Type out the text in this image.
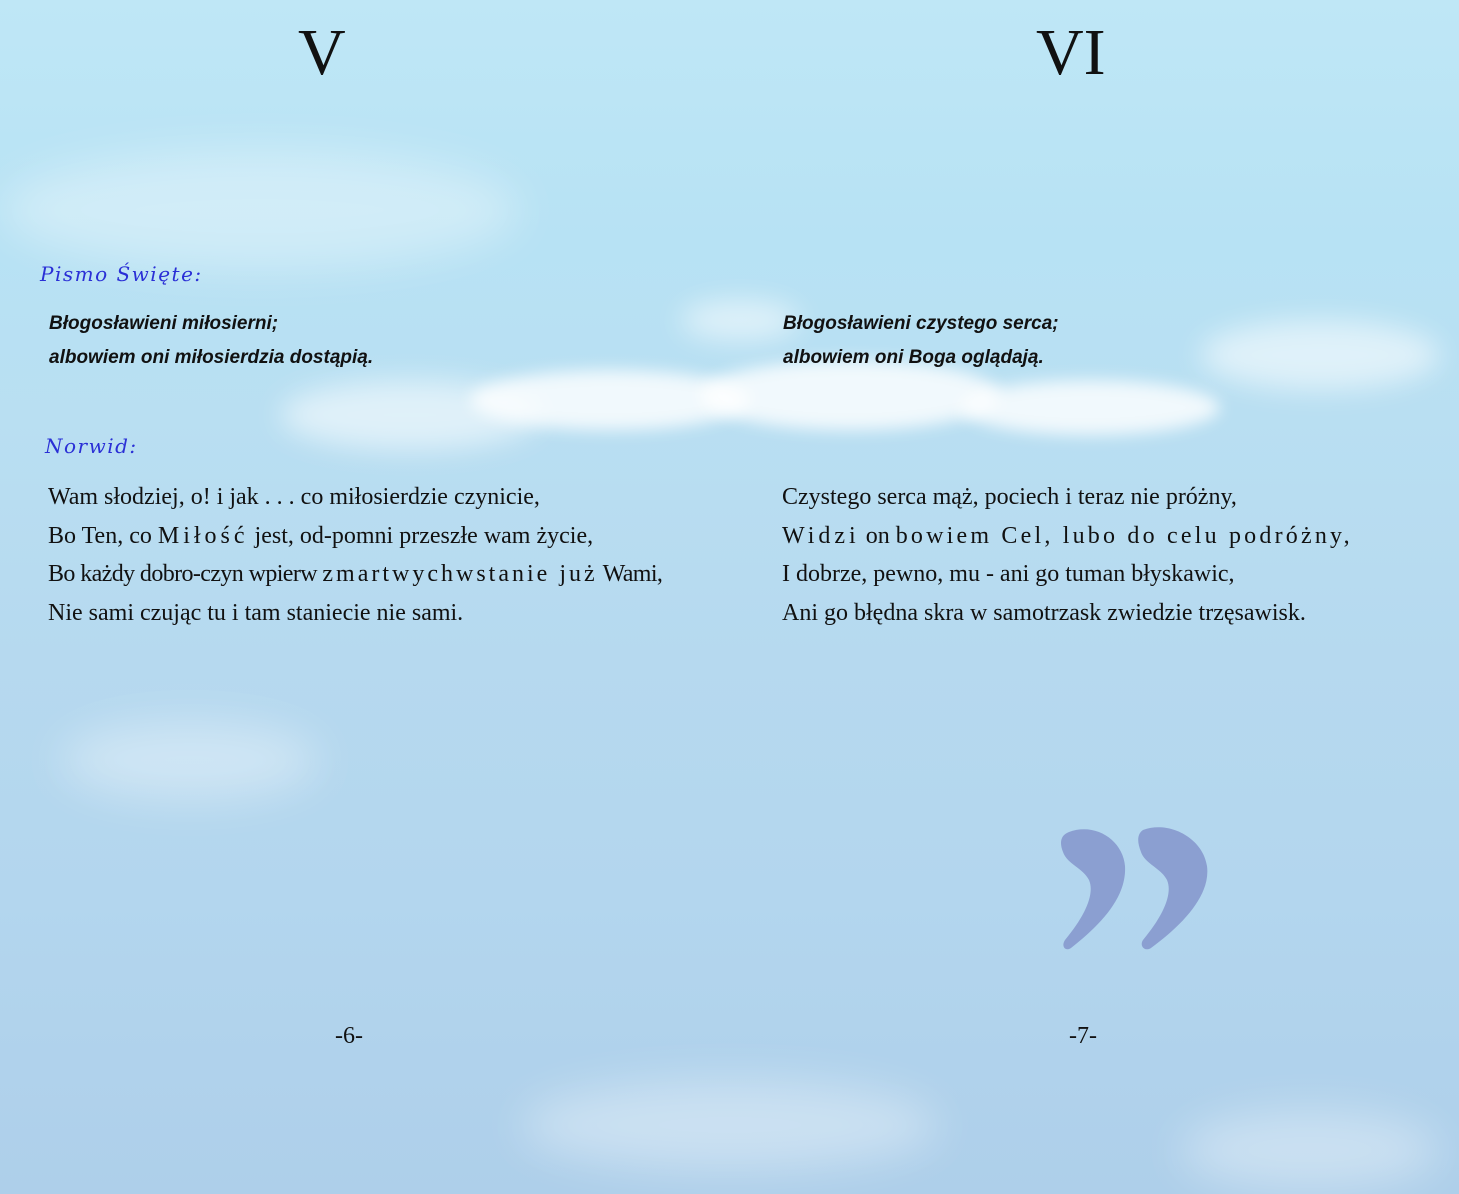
V
Pismo Święte:
Błogosławieni miłosierni;
albowiem oni miłosierdzia dostąpią.
Norwid:
Wam słodziej, o! i jak . . . co miłosierdzie czynicie,
Bo Ten, co Miłość jest, od-pomni przeszłe wam życie,
Bo każdy dobro-czyn wpierw zmartwychwstanie już Wami,
Nie sami czując tu i tam staniecie nie sami.
-6-
VI
Błogosławieni czystego serca;
albowiem oni Boga oglądają.
Czystego serca mąż, pociech i teraz nie próżny,
Widzi on bowiem Cel, lubo do celu podróżny,
I dobrze, pewno, mu - ani go tuman błyskawic,
Ani go błędna skra w samotrzask zwiedzie trzęsawisk.
-7-
